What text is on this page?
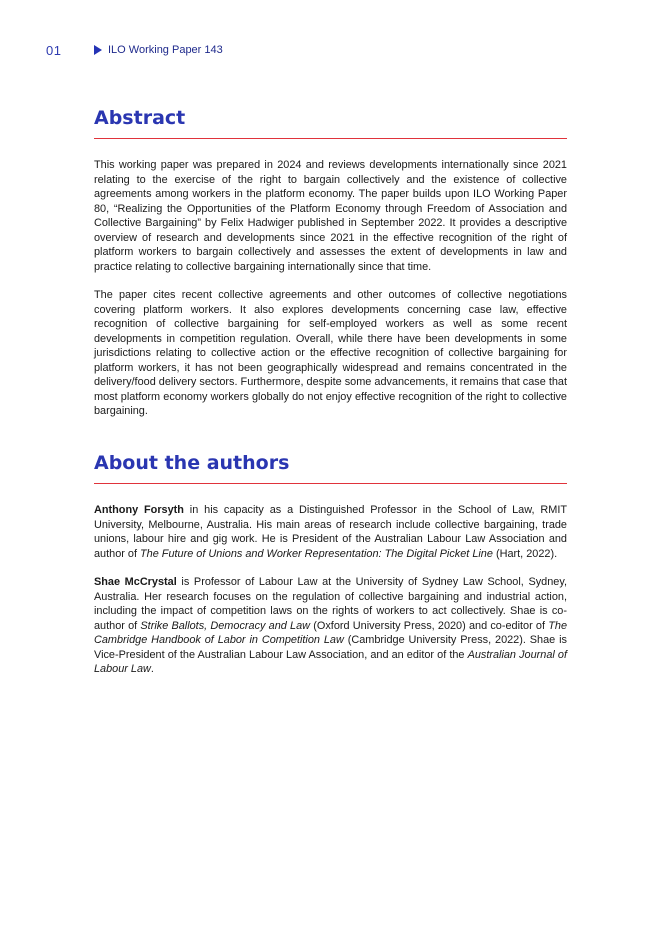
01	ILO Working Paper 143
Abstract

This working paper was prepared in 2024 and reviews developments internationally since 2021 relating to the exercise of the right to bargain collectively and the existence of collective agreements among workers in the platform economy. The paper builds upon ILO Working Paper 80, “Realizing the Opportunities of the Platform Economy through Freedom of Association and Collective Bargaining” by Felix Hadwiger published in September 2022. It provides a descriptive overview of research and developments since 2021 in the effective recognition of the right of platform workers to bargain collectively and assesses the extent of developments in law and practice relating to collective bargaining internationally since that time.

The paper cites recent collective agreements and other outcomes of collective negotiations covering platform workers. It also explores developments concerning case law, effective recognition of collective bargaining for self-employed workers as well as some recent developments in competition regulation. Overall, while there have been developments in some jurisdictions relating to collective action or the effective recognition of collective bargaining for platform workers, it has not been geographically widespread and remains concentrated in the delivery/food delivery sectors. Furthermore, despite some advancements, it remains that case that most platform economy workers globally do not enjoy effective recognition of the right to collective bargaining.

About the authors

Anthony Forsyth in his capacity as a Distinguished Professor in the School of Law, RMIT University, Melbourne, Australia. His main areas of research include collective bargaining, trade unions, labour hire and gig work. He is President of the Australian Labour Law Association and author of The Future of Unions and Worker Representation: The Digital Picket Line (Hart, 2022).

Shae McCrystal is Professor of Labour Law at the University of Sydney Law School, Sydney, Australia. Her research focuses on the regulation of collective bargaining and industrial action, including the impact of competition laws on the rights of workers to act collectively. Shae is co-author of Strike Ballots, Democracy and Law (Oxford University Press, 2020) and co-editor of The Cambridge Handbook of Labor in Competition Law (Cambridge University Press, 2022). Shae is Vice-President of the Australian Labour Law Association, and an editor of the Australian Journal of Labour Law.
